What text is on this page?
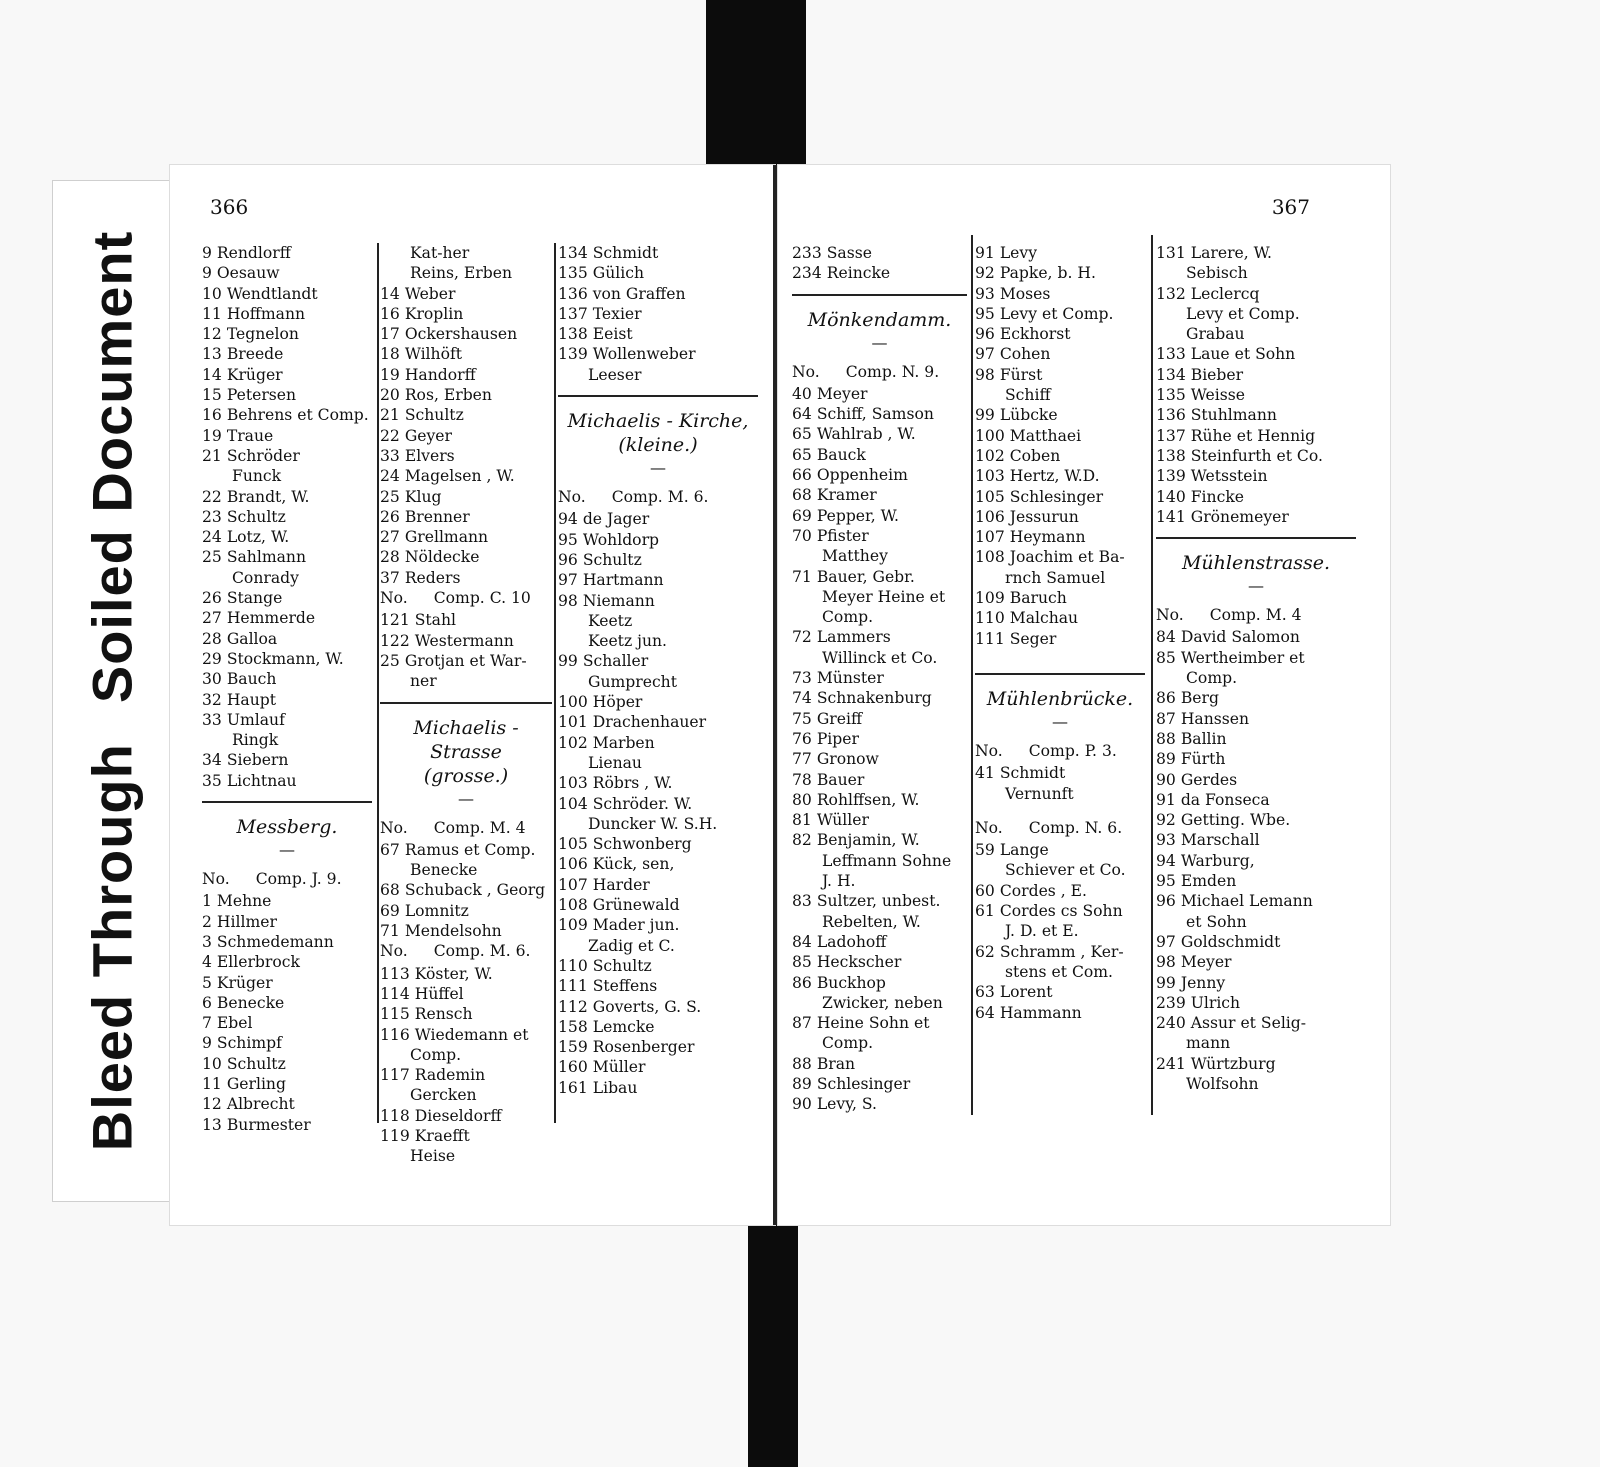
Bleed ThroughSoiled Document
366
9 Rendlorff
9 Oesauw
10 Wendtlandt
11 Hoffmann
12 Tegnelon
13 Breede
14 Krüger
15 Petersen
16 Behrens et Comp.
19 Traue
21 Schröder
Funck
22 Brandt, W.
23 Schultz
24 Lotz, W.
25 Sahlmann
Conrady
26 Stange
27 Hemmerde
28 Galloa
29 Stockmann, W.
30 Bauch
32 Haupt
33 Umlauf
Ringk
34 Siebern
35 Lichtnau
Messberg.
—
No. Comp. J. 9.
1 Mehne
2 Hillmer
3 Schmedemann
4 Ellerbrock
5 Krüger
6 Benecke
7 Ebel
9 Schimpf
10 Schultz
11 Gerling
12 Albrecht
13 Burmester
Kat-her
Reins, Erben
14 Weber
16 Kroplin
17 Ockershausen
18 Wilhöft
19 Handorff
20 Ros, Erben
21 Schultz
22 Geyer
33 Elvers
24 Magelsen , W.
25 Klug
26 Brenner
27 Grellmann
28 Nöldecke
37 Reders
No. Comp. C. 10
121 Stahl
122 Westermann
25 Grotjan et War-
ner
Michaelis - Strasse
(grosse.)
—
No. Comp. M. 4
67 Ramus et Comp.
Benecke
68 Schuback , Georg
69 Lomnitz
71 Mendelsohn
No. Comp. M. 6.
113 Köster, W.
114 Hüffel
115 Rensch
116 Wiedemann et
Comp.
117 Rademin
Gercken
118 Dieseldorff
119 Kraefft
Heise
134 Schmidt
135 Gülich
136 von Graffen
137 Texier
138 Eeist
139 Wollenweber
Leeser
Michaelis - Kirche,
(kleine.)
—
No. Comp. M. 6.
94 de Jager
95 Wohldorp
96 Schultz
97 Hartmann
98 Niemann
Keetz
Keetz jun.
99 Schaller
Gumprecht
100 Höper
101 Drachenhauer
102 Marben
Lienau
103 Röbrs , W.
104 Schröder. W.
Duncker W. S.H.
105 Schwonberg
106 Kück, sen,
107 Harder
108 Grünewald
109 Mader jun.
Zadig et C.
110 Schultz
111 Steffens
112 Goverts, G. S.
158 Lemcke
159 Rosenberger
160 Müller
161 Libau
367
233 Sasse
234 Reincke
Mönkendamm.
—
No. Comp. N. 9.
40 Meyer
64 Schiff, Samson
65 Wahlrab , W.
65 Bauck
66 Oppenheim
68 Kramer
69 Pepper, W.
70 Pfister
Matthey
71 Bauer, Gebr.
Meyer Heine et
Comp.
72 Lammers
Willinck et Co.
73 Münster
74 Schnakenburg
75 Greiff
76 Piper
77 Gronow
78 Bauer
80 Rohlffsen, W.
81 Wüller
82 Benjamin, W.
Leffmann Sohne
J. H.
83 Sultzer, unbest.
Rebelten, W.
84 Ladohoff
85 Heckscher
86 Buckhop
Zwicker, neben
87 Heine Sohn et
Comp.
88 Bran
89 Schlesinger
90 Levy, S.
91 Levy
92 Papke, b. H.
93 Moses
95 Levy et Comp.
96 Eckhorst
97 Cohen
98 Fürst
Schiff
99 Lübcke
100 Matthaei
102 Coben
103 Hertz, W.D.
105 Schlesinger
106 Jessurun
107 Heymann
108 Joachim et Ba-
rnch Samuel
109 Baruch
110 Malchau
111 Seger
Mühlenbrücke.
—
No. Comp. P. 3.
41 Schmidt
Vernunft
No. Comp. N. 6.
59 Lange
Schiever et Co.
60 Cordes , E.
61 Cordes cs Sohn
J. D. et E.
62 Schramm , Ker-
stens et Com.
63 Lorent
64 Hammann
131 Larere, W.
Sebisch
132 Leclercq
Levy et Comp.
Grabau
133 Laue et Sohn
134 Bieber
135 Weisse
136 Stuhlmann
137 Rühe et Hennig
138 Steinfurth et Co.
139 Wetsstein
140 Fincke
141 Grönemeyer
Mühlenstrasse.
—
No. Comp. M. 4
84 David Salomon
85 Wertheimber et
Comp.
86 Berg
87 Hanssen
88 Ballin
89 Fürth
90 Gerdes
91 da Fonseca
92 Getting. Wbe.
93 Marschall
94 Warburg,
95 Emden
96 Michael Lemann
et Sohn
97 Goldschmidt
98 Meyer
99 Jenny
239 Ulrich
240 Assur et Selig-
mann
241 Würtzburg
Wolfsohn
